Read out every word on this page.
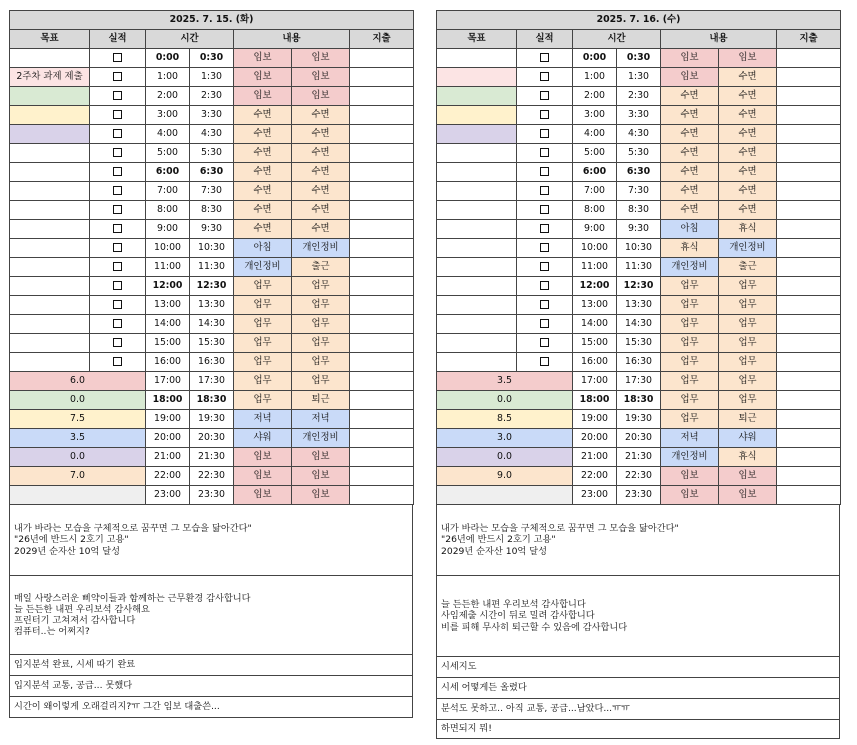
2025. 7. 15. (화)						
목표	실적	시간		내용		지출
		0:00	0:30	임보	임보	
2주차 과제 제출		1:00	1:30	임보	임보	
		2:00	2:30	임보	임보	
		3:00	3:30	수면	수면	
		4:00	4:30	수면	수면	
		5:00	5:30	수면	수면	
		6:00	6:30	수면	수면	
		7:00	7:30	수면	수면	
		8:00	8:30	수면	수면	
		9:00	9:30	수면	수면	
		10:00	10:30	아침	개인정비	
		11:00	11:30	개인정비	출근	
		12:00	12:30	업무	업무	
		13:00	13:30	업무	업무	
		14:00	14:30	업무	업무	
		15:00	15:30	업무	업무	
		16:00	16:30	업무	업무	
6.0		17:00	17:30	업무	업무	
0.0		18:00	18:30	업무	퇴근	
7.5		19:00	19:30	저녁	저녁	
3.5		20:00	20:30	샤워	개인정비	
0.0		21:00	21:30	임보	임보	
7.0		22:00	22:30	임보	임보	
		23:00	23:30	임보	임보	
내가 바라는 모습을 구체적으로 꿈꾸면 그 모습을 닮아간다"
"26년에 반드시 2호기 고용"
2029년 순자산 10억 달성
매일 사랑스러운 삐약이들과 함께하는 근무환경 감사합니다
늘 든든한 내편 우리보석 감사해요
프린터기 고쳐져서 감사합니다
컴퓨터..는 어쩌지?
입지분석 완료, 시세 따기 완료
입지분석 교통, 공급... 못했다
시간이 왜이렇게 오래걸리지?ㅠ 그간 임보 대출쓴...
2025. 7. 16. (수)						
목표	실적	시간		내용		지출
		0:00	0:30	임보	임보	
		1:00	1:30	임보	수면	
		2:00	2:30	수면	수면	
		3:00	3:30	수면	수면	
		4:00	4:30	수면	수면	
		5:00	5:30	수면	수면	
		6:00	6:30	수면	수면	
		7:00	7:30	수면	수면	
		8:00	8:30	수면	수면	
		9:00	9:30	아침	휴식	
		10:00	10:30	휴식	개인정비	
		11:00	11:30	개인정비	출근	
		12:00	12:30	업무	업무	
		13:00	13:30	업무	업무	
		14:00	14:30	업무	업무	
		15:00	15:30	업무	업무	
		16:00	16:30	업무	업무	
3.5		17:00	17:30	업무	업무	
0.0		18:00	18:30	업무	업무	
8.5		19:00	19:30	업무	퇴근	
3.0		20:00	20:30	저녁	샤워	
0.0		21:00	21:30	개인정비	휴식	
9.0		22:00	22:30	임보	임보	
		23:00	23:30	임보	임보	
내가 바라는 모습을 구체적으로 꿈꾸면 그 모습을 닮아간다"
"26년에 반드시 2호기 고용"
2029년 순자산 10억 달성
늘 든든한 내편 우리보석 감사합니다
사임제출 시간이 뒤로 밀려 감사합니다
비를 피해 무사히 퇴근할 수 있음에 감사합니다
시세지도
시세 어떻게든 올렸다
분석도 못하고.. 아직 교통, 공급...남았다...ㅠㅠ
하면되지 뭐!
